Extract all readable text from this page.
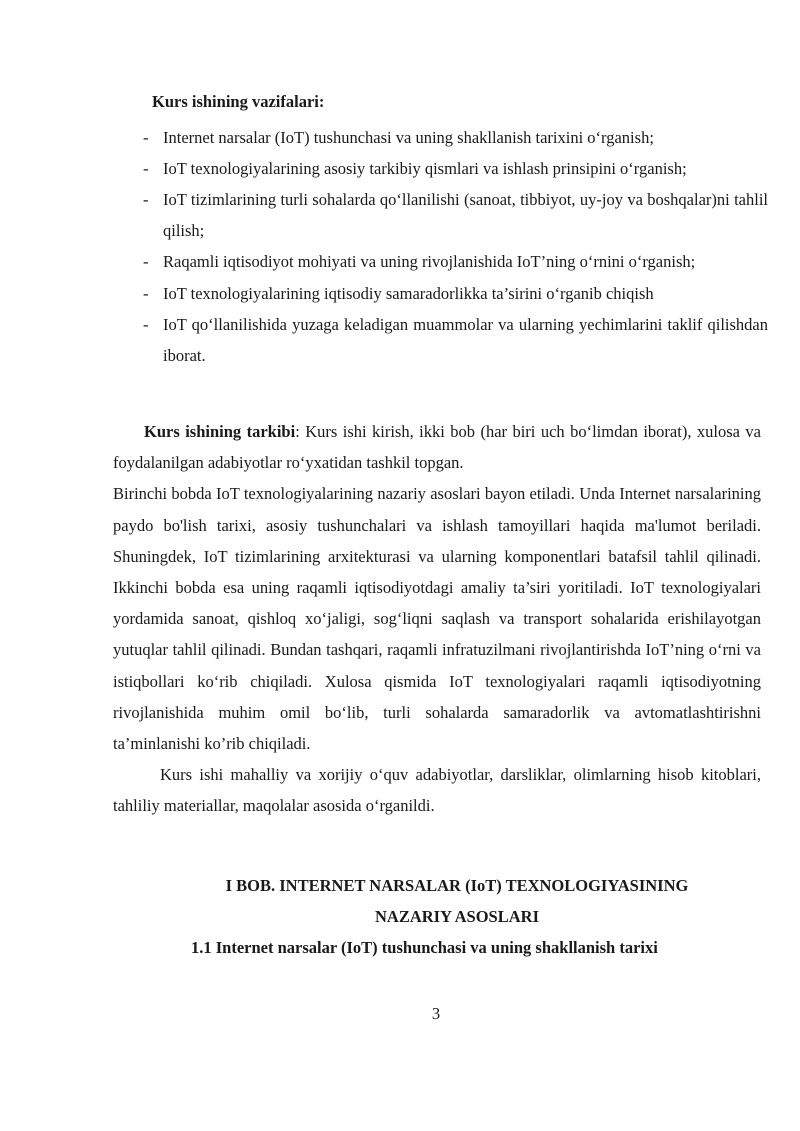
Kurs ishining vazifalari:
- Internet narsalar (IoT) tushunchasi va uning shakllanish tarixini o‘rganish;
- IoT texnologiyalarining asosiy tarkibiy qismlari va ishlash prinsipini o‘rganish;
- IoT tizimlarining turli sohalarda qo‘llanilishi (sanoat, tibbiyot, uy-joy va boshqalar)ni tahlil qilish;
- Raqamli iqtisodiyot mohiyati va uning rivojlanishida IoT’ning o‘rnini o‘rganish;
- IoT texnologiyalarining iqtisodiy samaradorlikka ta’sirini o‘rganib chiqish
- IoT qo‘llanilishida yuzaga keladigan muammolar va ularning yechimlarini taklif qilishdan iborat.

Kurs ishining tarkibi: Kurs ishi kirish, ikki bob (har biri uch bo‘limdan iborat), xulosa va foydalanilgan adabiyotlar ro‘yxatidan tashkil topgan.

Birinchi bobda IoT texnologiyalarining nazariy asoslari bayon etiladi. Unda Internet narsalarining paydo bo'lish tarixi, asosiy tushunchalari va ishlash tamoyillari haqida ma'lumot beriladi. Shuningdek, IoT tizimlarining arxitekturasi va ularning komponentlari batafsil tahlil qilinadi. Ikkinchi bobda esa uning raqamli iqtisodiyotdagi amaliy ta’siri yoritiladi. IoT texnologiyalari yordamida sanoat, qishloq xo‘jaligi, sog‘liqni saqlash va transport sohalarida erishilayotgan yutuqlar tahlil qilinadi. Bundan tashqari, raqamli infratuzilmani rivojlantirishda IoT’ning o‘rni va istiqbollari ko‘rib chiqiladi. Xulosa qismida IoT texnologiyalari raqamli iqtisodiyotning rivojlanishida muhim omil bo‘lib, turli sohalarda samaradorlik va avtomatlashtirishni ta’minlanishi ko’rib chiqiladi.

Kurs ishi mahalliy va xorijiy o‘quv adabiyotlar, darsliklar, olimlarning hisob kitoblari, tahliliy materiallar, maqolalar asosida o‘rganildi.

I BOB. INTERNET NARSALAR (IoT) TEXNOLOGIYASINING
NAZARIY ASOSLARI
1.1 Internet narsalar (IoT) tushunchasi va uning shakllanish tarixi
3
